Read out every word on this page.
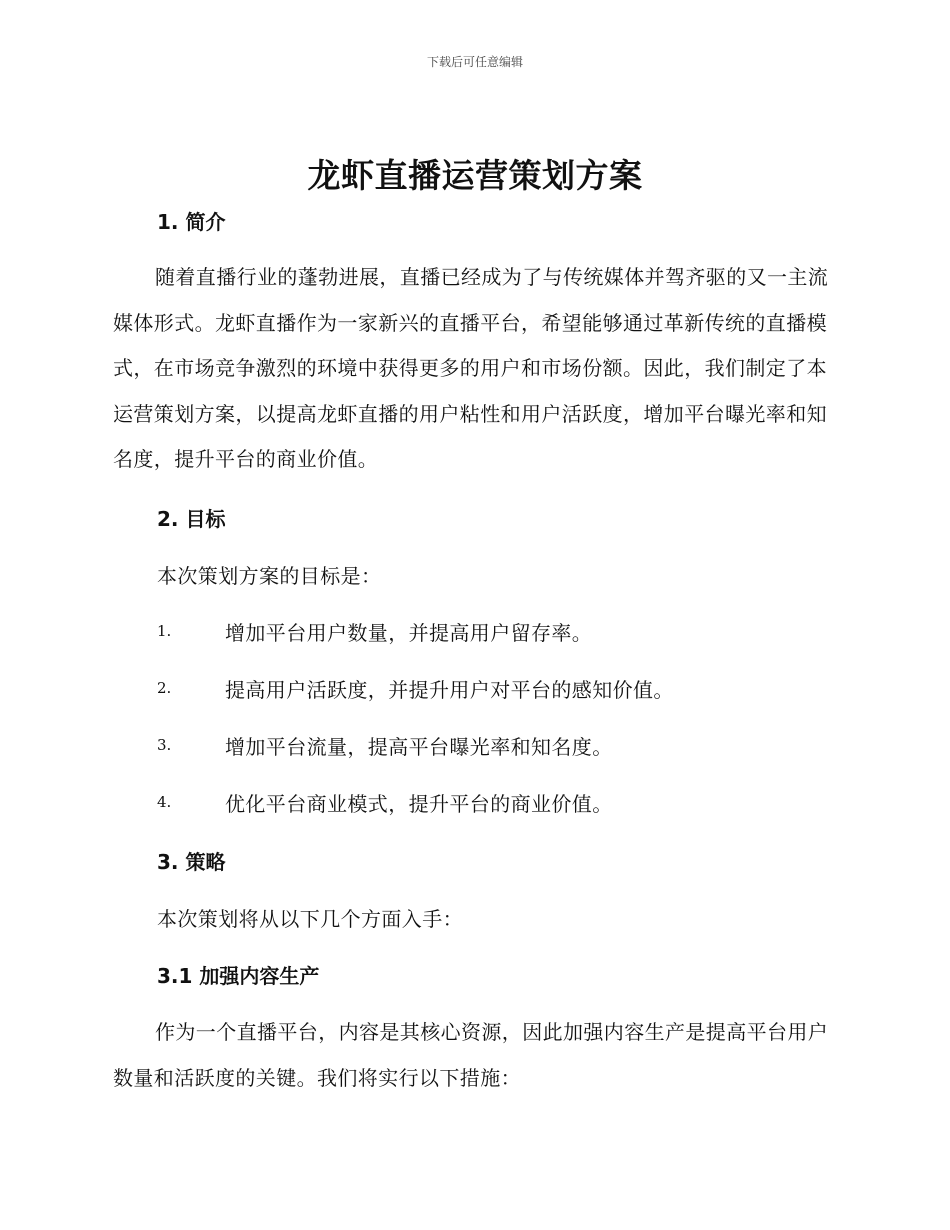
下载后可任意编辑
龙虾直播运营策划方案
1. 简介
随着直播行业的蓬勃进展，直播已经成为了与传统媒体并驾齐驱的又一主流媒体形式。龙虾直播作为一家新兴的直播平台，希望能够通过革新传统的直播模式，在市场竞争激烈的环境中获得更多的用户和市场份额。因此，我们制定了本运营策划方案，以提高龙虾直播的用户粘性和用户活跃度，增加平台曝光率和知名度，提升平台的商业价值。
2. 目标
本次策划方案的目标是：
1.	增加平台用户数量，并提高用户留存率。
2.	提高用户活跃度，并提升用户对平台的感知价值。
3.	增加平台流量，提高平台曝光率和知名度。
4.	优化平台商业模式，提升平台的商业价值。
3. 策略
本次策划将从以下几个方面入手：
3.1 加强内容生产
作为一个直播平台，内容是其核心资源，因此加强内容生产是提高平台用户数量和活跃度的关键。我们将实行以下措施：
